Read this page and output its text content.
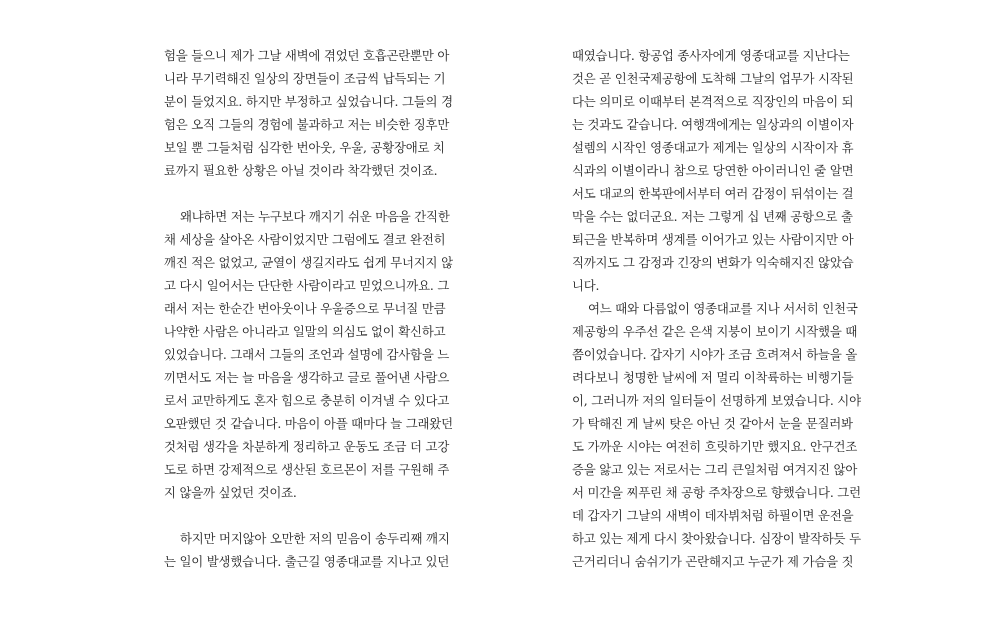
험을 들으니 제가 그날 새벽에 겪었던 호흡곤란뿐만 아
니라 무기력해진 일상의 장면들이 조금씩 납득되는 기
분이 들었지요. 하지만 부정하고 싶었습니다. 그들의 경
험은 오직 그들의 경험에 불과하고 저는 비슷한 징후만
보일 뿐 그들처럼 심각한 번아웃, 우울, 공황장애로 치
료까지 필요한 상황은 아닐 것이라 착각했던 것이죠.
왜냐하면 저는 누구보다 깨지기 쉬운 마음을 간직한
채 세상을 살아온 사람이었지만 그럼에도 결코 완전히
깨진 적은 없었고, 균열이 생길지라도 쉽게 무너지지 않
고 다시 일어서는 단단한 사람이라고 믿었으니까요. 그
래서 저는 한순간 번아웃이나 우울증으로 무너질 만큼
나약한 사람은 아니라고 일말의 의심도 없이 확신하고
있었습니다. 그래서 그들의 조언과 설명에 감사함을 느
끼면서도 저는 늘 마음을 생각하고 글로 풀어낸 사람으
로서 교만하게도 혼자 힘으로 충분히 이겨낼 수 있다고
오판했던 것 같습니다. 마음이 아플 때마다 늘 그래왔던
것처럼 생각을 차분하게 정리하고 운동도 조금 더 고강
도로 하면 강제적으로 생산된 호르몬이 저를 구원해 주
지 않을까 싶었던 것이죠.
하지만 머지않아 오만한 저의 믿음이 송두리째 깨지
는 일이 발생했습니다. 출근길 영종대교를 지나고 있던
때였습니다. 항공업 종사자에게 영종대교를 지난다는
것은 곧 인천국제공항에 도착해 그날의 업무가 시작된
다는 의미로 이때부터 본격적으로 직장인의 마음이 되
는 것과도 같습니다. 여행객에게는 일상과의 이별이자
설렘의 시작인 영종대교가 제게는 일상의 시작이자 휴
식과의 이별이라니 참으로 당연한 아이러니인 줄 알면
서도 대교의 한복판에서부터 여러 감정이 뒤섞이는 걸
막을 수는 없더군요. 저는 그렇게 십 년째 공항으로 출
퇴근을 반복하며 생계를 이어가고 있는 사람이지만 아
직까지도 그 감정과 긴장의 변화가 익숙해지진 않았습
니다.
여느 때와 다름없이 영종대교를 지나 서서히 인천국
제공항의 우주선 같은 은색 지붕이 보이기 시작했을 때
쯤이었습니다. 갑자기 시야가 조금 흐려져서 하늘을 올
려다보니 청명한 날씨에 저 멀리 이착륙하는 비행기들
이, 그러니까 저의 일터들이 선명하게 보였습니다. 시야
가 탁해진 게 날씨 탓은 아닌 것 같아서 눈을 문질러봐
도 가까운 시야는 여전히 흐릿하기만 했지요. 안구건조
증을 앓고 있는 저로서는 그리 큰일처럼 여겨지진 않아
서 미간을 찌푸린 채 공항 주차장으로 향했습니다. 그런
데 갑자기 그날의 새벽이 데자뷔처럼 하필이면 운전을
하고 있는 제게 다시 찾아왔습니다. 심장이 발작하듯 두
근거리더니 숨쉬기가 곤란해지고 누군가 제 가슴을 짓
